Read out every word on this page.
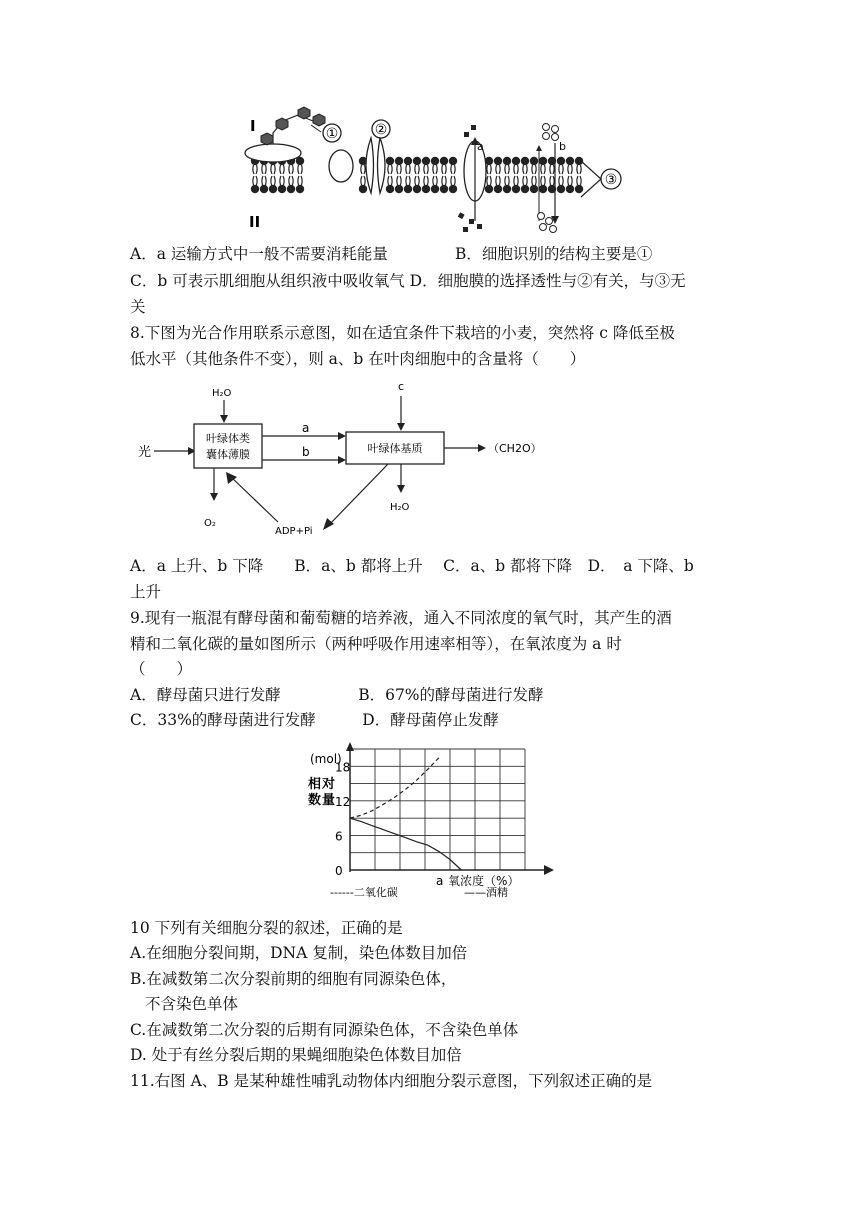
①
I
II
②
a	b
③
A．a 运输方式中一般不需要消耗能量	B．细胞识别的结构主要是①
C．b 可表示肌细胞从组织液中吸收氧气 D．细胞膜的选择透性与②有关，与③无
关
8.下图为光合作用联系示意图，如在适宜条件下栽培的小麦，突然将 c 降低至极
低水平（其他条件不变），则 a、b 在叶肉细胞中的含量将（　　）
光
H₂O
叶绿体类
囊体薄膜
a
b	叶绿体基质
c
（CH2O）
O₂
H₂O
ADP+Pi
A．a 上升、b 下降　　B．a、b 都将上升　 C．a、b 都将下降　D．　a 下降、b
上升
9.现有一瓶混有酵母菌和葡萄糖的培养液，通入不同浓度的氧气时，其产生的酒
精和二氧化碳的量如图所示（两种呼吸作用速率相等），在氧浓度为 a 时
（　　）
A．酵母菌只进行发酵　　　　　B．67%的酵母菌进行发酵
C．33%的酵母菌进行发酵　　　D．酵母菌停止发酵
(mol)
相对数量
氧浓度（%）
a
0
------二氧化碳	——酒精
6
12
18
10 下列有关细胞分裂的叙述，正确的是
A.在细胞分裂间期，DNA 复制，染色体数目加倍
B.在减数第二次分裂前期的细胞有同源染色体，
不含染色单体
C.在减数第二次分裂的后期有同源染色体，不含染色单体
D. 处于有丝分裂后期的果蝇细胞染色体数目加倍
11.右图 A、B 是某种雄性哺乳动物体内细胞分裂示意图，下列叙述正确的是
